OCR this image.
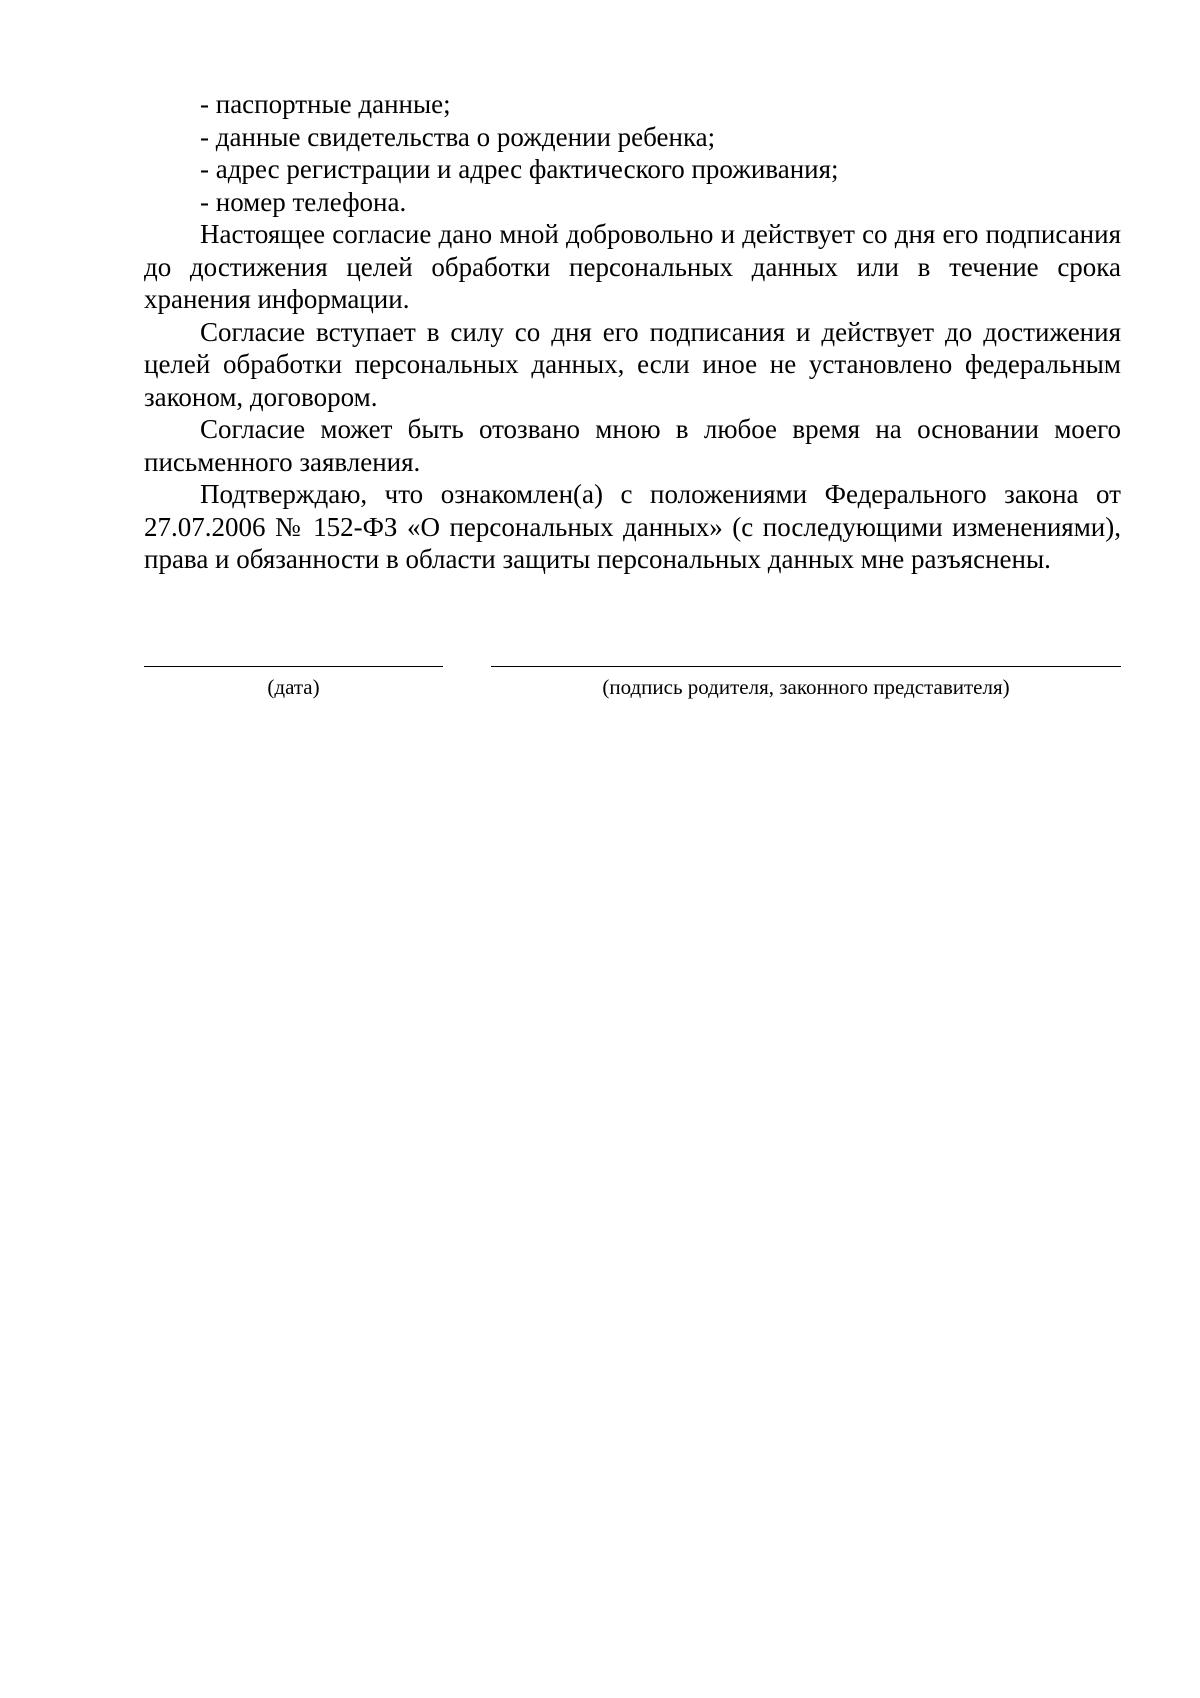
- паспортные данные;

- данные свидетельства о рождении ребенка;

- адрес регистрации и адрес фактического проживания;

- номер телефона.

Настоящее согласие дано мной добровольно и действует со дня его подписания до достижения целей обработки персональных данных или в течение срока хранения информации.

Согласие вступает в силу со дня его подписания и действует до достижения целей обработки персональных данных, если иное не установлено федеральным законом, договором.

Согласие может быть отозвано мною в любое время на основании моего письменного заявления.

Подтверждаю, что ознакомлен(а) с положениями Федерального закона от 27.07.2006 № 152-ФЗ «О персональных данных» (с последующими изменениями), права и обязанности в области защиты персональных данных мне разъяснены.

(дата)	(подпись родителя, законного представителя)
